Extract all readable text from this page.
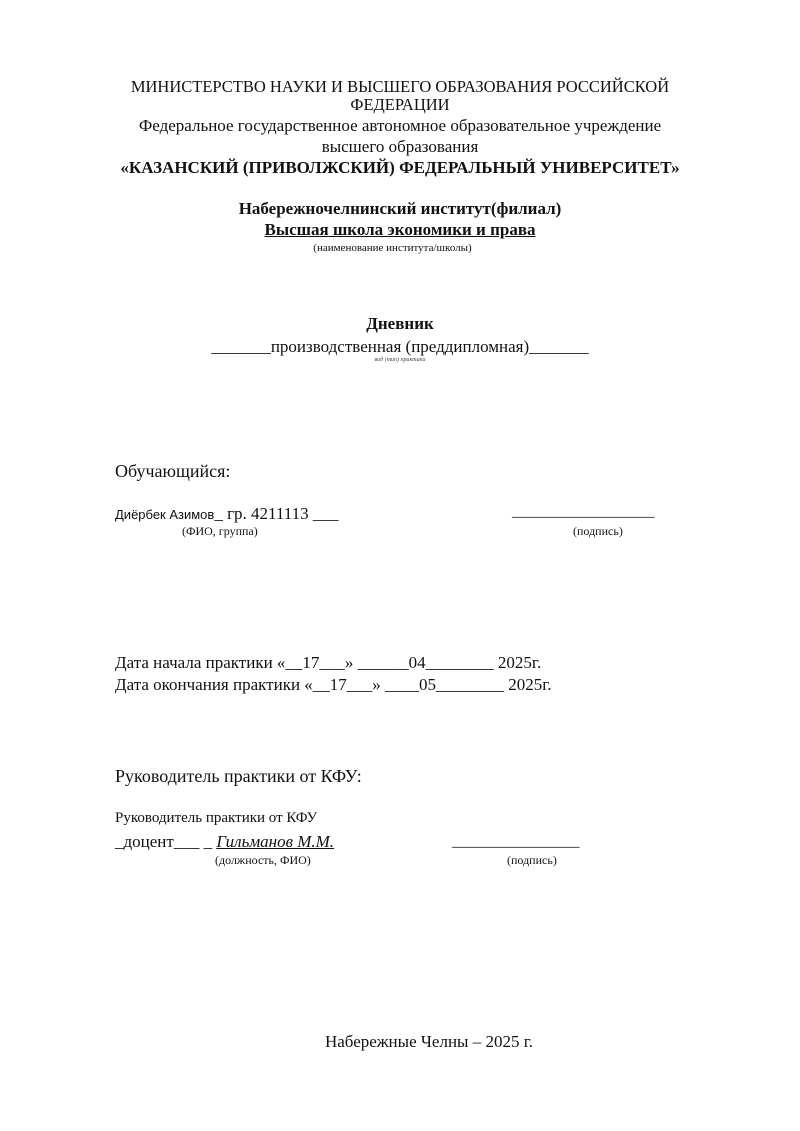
МИНИСТЕРСТВО НАУКИ И ВЫСШЕГО ОБРАЗОВАНИЯ РОССИЙСКОЙ
ФЕДЕРАЦИИ
Федеральное государственное автономное образовательное учреждение
высшего образования
«КАЗАНСКИЙ (ПРИВОЛЖСКИЙ) ФЕДЕРАЛЬНЫЙ УНИВЕРСИТЕТ»
Набережночелнинский институт(филиал)
Высшая школа экономики и права
(наименование института/школы)
Дневник
_______производственная (преддипломная)_______
вид (тип) практики
Обучающийся:
Диёрбек Азимов_ гр. 4211113 ___	___________________
(ФИО, группа)	(подпись)
Дата начала практики «__17___» ______04________ 2025г.
Дата окончания практики «__17___» ____05________ 2025г.
Руководитель практики от КФУ:
Руководитель практики от КФУ
_доцент___ _ Гильманов М.М.	_________________
(должность, ФИО)	(подпись)
Набережные Челны – 2025 г.
